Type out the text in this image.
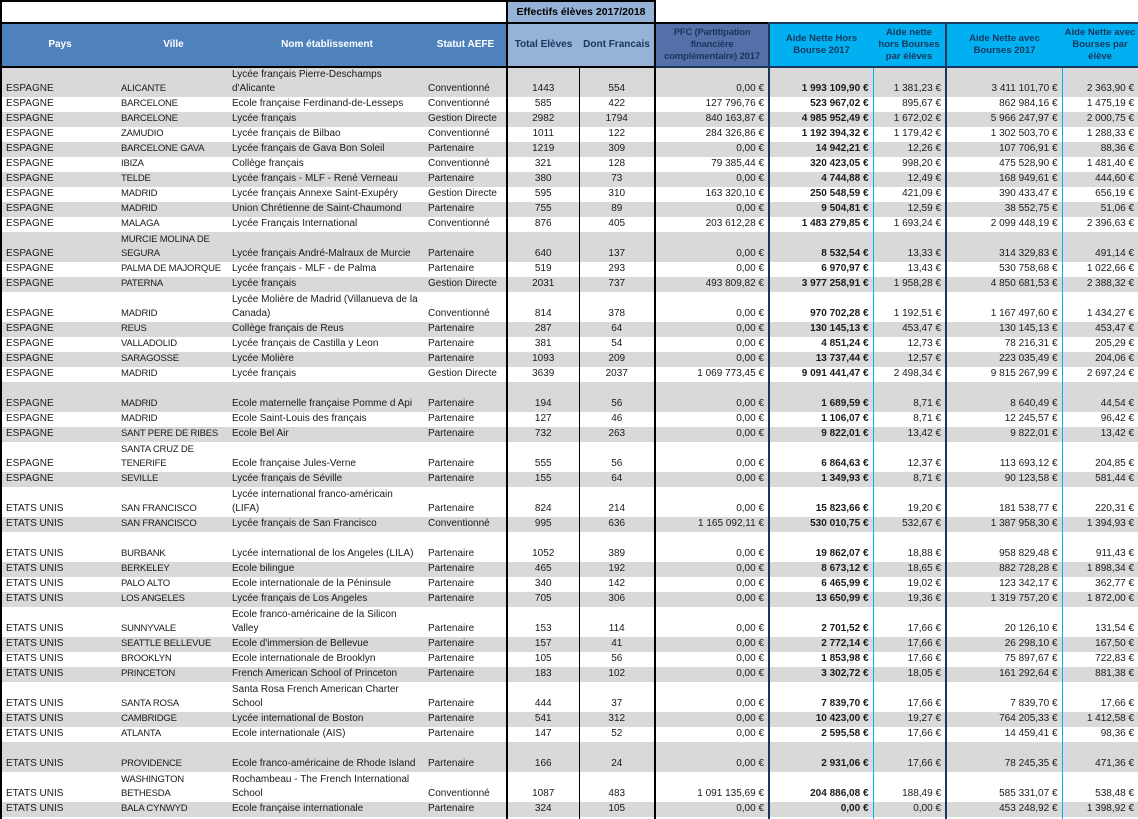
				Effectifs élèves 2017/2018						
Pays	Ville	Nom établissement	Statut AEFE	Total Elèves	Dont Francais	PFC (Partitipation financière complémentaire) 2017	Aide Nette Hors Bourse 2017	Aide nette hors Bourses par élèves	Aide Nette avec Bourses 2017	Aide Nette avec Bourses par élève
ESPAGNE	ALICANTE	Lycée français Pierre-Deschamps d'Alicante	Conventionné	1443	554	0,00 €	1 993 109,90 €	1 381,23 €	3 411 101,70 €	2 363,90 €
ESPAGNE	BARCELONE	Ecole française Ferdinand-de-Lesseps	Conventionné	585	422	127 796,76 €	523 967,02 €	895,67 €	862 984,16 €	1 475,19 €
ESPAGNE	BARCELONE	Lycée français	Gestion Directe	2982	1794	840 163,87 €	4 985 952,49 €	1 672,02 €	5 966 247,97 €	2 000,75 €
ESPAGNE	ZAMUDIO	Lycée français de Bilbao	Conventionné	1011	122	284 326,86 €	1 192 394,32 €	1 179,42 €	1 302 503,70 €	1 288,33 €
ESPAGNE	BARCELONE GAVA	Lycée français de Gava Bon Soleil	Partenaire	1219	309	0,00 €	14 942,21 €	12,26 €	107 706,91 €	88,36 €
ESPAGNE	IBIZA	Collège français	Conventionné	321	128	79 385,44 €	320 423,05 €	998,20 €	475 528,90 €	1 481,40 €
ESPAGNE	TELDE	Lycée français - MLF - René Verneau	Partenaire	380	73	0,00 €	4 744,88 €	12,49 €	168 949,61 €	444,60 €
ESPAGNE	MADRID	Lycée français Annexe Saint-Exupéry	Gestion Directe	595	310	163 320,10 €	250 548,59 €	421,09 €	390 433,47 €	656,19 €
ESPAGNE	MADRID	Union Chrétienne de Saint-Chaumond	Partenaire	755	89	0,00 €	9 504,81 €	12,59 €	38 552,75 €	51,06 €
ESPAGNE	MALAGA	Lycée Français International	Conventionné	876	405	203 612,28 €	1 483 279,85 €	1 693,24 €	2 099 448,19 €	2 396,63 €
ESPAGNE	MURCIE MOLINA DE SEGURA	Lycée français André-Malraux de Murcie	Partenaire	640	137	0,00 €	8 532,54 €	13,33 €	314 329,83 €	491,14 €
ESPAGNE	PALMA DE MAJORQUE	Lycée français - MLF - de Palma	Partenaire	519	293	0,00 €	6 970,97 €	13,43 €	530 758,68 €	1 022,66 €
ESPAGNE	PATERNA	Lycée français	Gestion Directe	2031	737	493 809,82 €	3 977 258,91 €	1 958,28 €	4 850 681,53 €	2 388,32 €
ESPAGNE	MADRID	Lycée Molière de Madrid (Villanueva de la Canada)	Conventionné	814	378	0,00 €	970 702,28 €	1 192,51 €	1 167 497,60 €	1 434,27 €
ESPAGNE	REUS	Collège français de Reus	Partenaire	287	64	0,00 €	130 145,13 €	453,47 €	130 145,13 €	453,47 €
ESPAGNE	VALLADOLID	Lycée français de Castilla y Leon	Partenaire	381	54	0,00 €	4 851,24 €	12,73 €	78 216,31 €	205,29 €
ESPAGNE	SARAGOSSE	Lycée Molière	Partenaire	1093	209	0,00 €	13 737,44 €	12,57 €	223 035,49 €	204,06 €
ESPAGNE	MADRID	Lycée français	Gestion Directe	3639	2037	1 069 773,45 €	9 091 441,47 €	2 498,34 €	9 815 267,99 €	2 697,24 €
ESPAGNE	MADRID	Ecole maternelle française Pomme d Api	Partenaire	194	56	0,00 €	1 689,59 €	8,71 €	8 640,49 €	44,54 €
ESPAGNE	MADRID	Ecole Saint-Louis des français	Partenaire	127	46	0,00 €	1 106,07 €	8,71 €	12 245,57 €	96,42 €
ESPAGNE	SANT PERE DE RIBES	Ecole Bel Air	Partenaire	732	263	0,00 €	9 822,01 €	13,42 €	9 822,01 €	13,42 €
ESPAGNE	SANTA CRUZ DE TENERIFE	Ecole française Jules-Verne	Partenaire	555	56	0,00 €	6 864,63 €	12,37 €	113 693,12 €	204,85 €
ESPAGNE	SEVILLE	Lycée français de Séville	Partenaire	155	64	0,00 €	1 349,93 €	8,71 €	90 123,58 €	581,44 €
ETATS UNIS	SAN FRANCISCO	Lycée international franco-américain (LIFA)	Partenaire	824	214	0,00 €	15 823,66 €	19,20 €	181 538,77 €	220,31 €
ETATS UNIS	SAN FRANCISCO	Lycée français de San Francisco	Conventionné	995	636	1 165 092,11 €	530 010,75 €	532,67 €	1 387 958,30 €	1 394,93 €
ETATS UNIS	BURBANK	Lycée international de los Angeles (LILA)	Partenaire	1052	389	0,00 €	19 862,07 €	18,88 €	958 829,48 €	911,43 €
ETATS UNIS	BERKELEY	Ecole bilingue	Partenaire	465	192	0,00 €	8 673,12 €	18,65 €	882 728,28 €	1 898,34 €
ETATS UNIS	PALO ALTO	Ecole internationale de la Péninsule	Partenaire	340	142	0,00 €	6 465,99 €	19,02 €	123 342,17 €	362,77 €
ETATS UNIS	LOS ANGELES	Lycée français de Los Angeles	Partenaire	705	306	0,00 €	13 650,99 €	19,36 €	1 319 757,20 €	1 872,00 €
ETATS UNIS	SUNNYVALE	Ecole franco-américaine de la Silicon Valley	Partenaire	153	114	0,00 €	2 701,52 €	17,66 €	20 126,10 €	131,54 €
ETATS UNIS	SEATTLE BELLEVUE	Ecole d'immersion de Bellevue	Partenaire	157	41	0,00 €	2 772,14 €	17,66 €	26 298,10 €	167,50 €
ETATS UNIS	BROOKLYN	Ecole internationale de Brooklyn	Partenaire	105	56	0,00 €	1 853,98 €	17,66 €	75 897,67 €	722,83 €
ETATS UNIS	PRINCETON	French American School of Princeton	Partenaire	183	102	0,00 €	3 302,72 €	18,05 €	161 292,64 €	881,38 €
ETATS UNIS	SANTA ROSA	Santa Rosa French American Charter School	Partenaire	444	37	0,00 €	7 839,70 €	17,66 €	7 839,70 €	17,66 €
ETATS UNIS	CAMBRIDGE	Lycée international de Boston	Partenaire	541	312	0,00 €	10 423,00 €	19,27 €	764 205,33 €	1 412,58 €
ETATS UNIS	ATLANTA	Ecole internationale (AIS)	Partenaire	147	52	0,00 €	2 595,58 €	17,66 €	14 459,41 €	98,36 €
ETATS UNIS	PROVIDENCE	Ecole franco-américaine de Rhode Island	Partenaire	166	24	0,00 €	2 931,06 €	17,66 €	78 245,35 €	471,36 €
ETATS UNIS	WASHINGTON BETHESDA	Rochambeau - The French International School	Conventionné	1087	483	1 091 135,69 €	204 886,08 €	188,49 €	585 331,07 €	538,48 €
ETATS UNIS	BALA CYNWYD	Ecole française internationale	Partenaire	324	105	0,00 €	0,00 €	0,00 €	453 248,92 €	1 398,92 €
